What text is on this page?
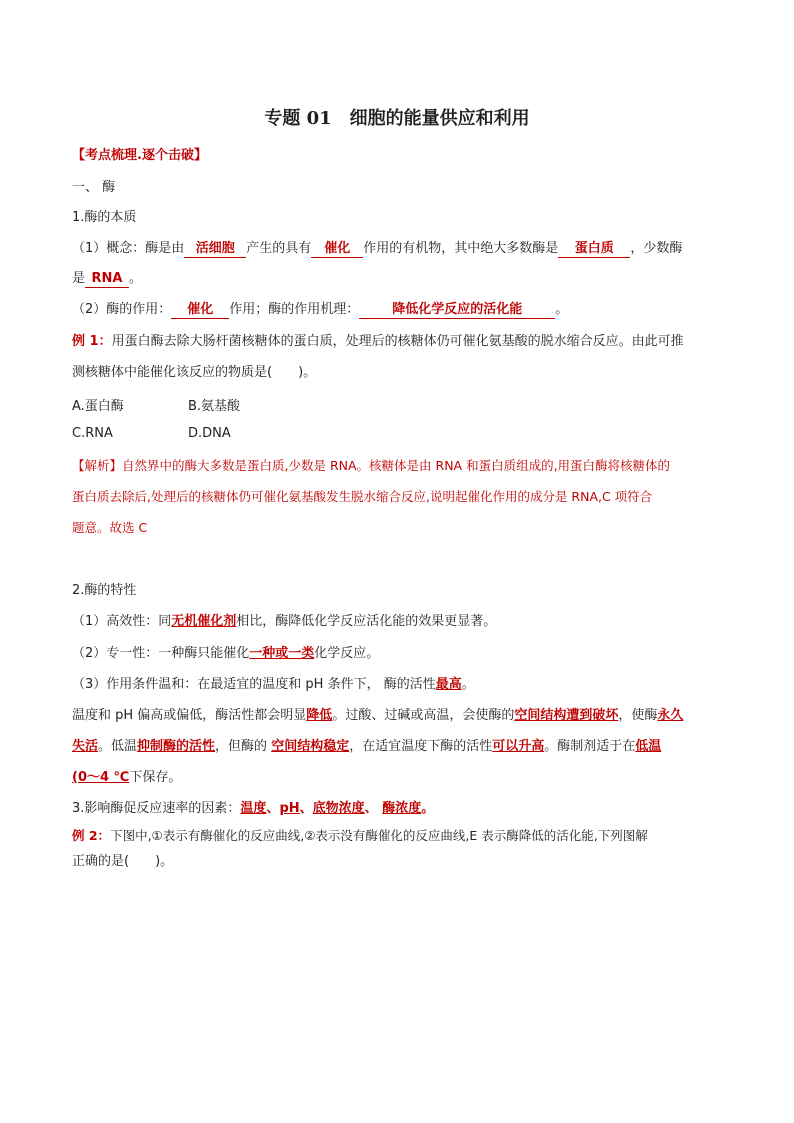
专题 01　细胞的能量供应和利用
【考点梳理.逐个击破】
一、 酶
1.酶的本质
（1）概念：酶是由 活细胞 产生的具有 催化 作用的有机物，其中绝大多数酶是 蛋白质 ，少数酶
是 RNA 。
（2）酶的作用： 催化 作用；酶的作用机理：	降低化学反应的活化能	。
例 1：用蛋白酶去除大肠杆菌核糖体的蛋白质，处理后的核糖体仍可催化氨基酸的脱水缩合反应。由此可推
测核糖体中能催化该反应的物质是(　　)。
A.蛋白酶	B.氨基酸
C.RNA	D.DNA
【解析】自然界中的酶大多数是蛋白质,少数是 RNA。核糖体是由 RNA 和蛋白质组成的,用蛋白酶将核糖体的
蛋白质去除后,处理后的核糖体仍可催化氨基酸发生脱水缩合反应,说明起催化作用的成分是 RNA,C 项符合
题意。故选 C
2.酶的特性
（1）高效性：同无机催化剂相比，酶降低化学反应活化能的效果更显著。
（2）专一性：一种酶只能催化一种或一类化学反应。
（3）作用条件温和：在最适宜的温度和 pH 条件下， 酶的活性最高。
温度和 pH 偏高或偏低，酶活性都会明显降低。过酸、过碱或高温，会使酶的空间结构遭到破坏，使酶永久
失活。低温抑制酶的活性，但酶的 空间结构稳定，在适宜温度下酶的活性可以升高。酶制剂适于在低温
(0～4 ℃下保存。
3.影响酶促反应速率的因素：温度、pH、底物浓度、 酶浓度。
例 2：下图中,①表示有酶催化的反应曲线,②表示没有酶催化的反应曲线,E 表示酶降低的活化能,下列图解
正确的是(　　)。
